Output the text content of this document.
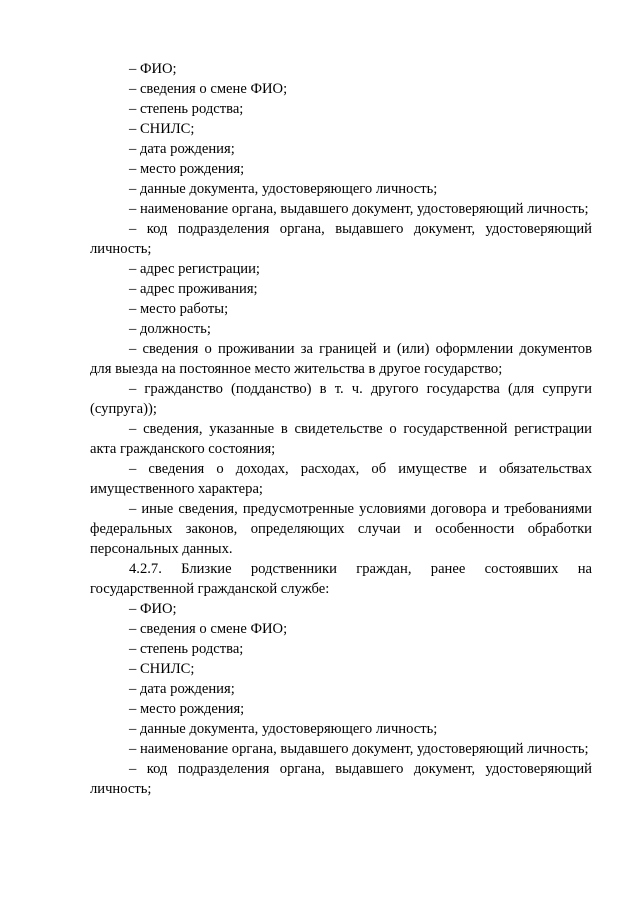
– ФИО;

– сведения о смене ФИО;

– степень родства;

– СНИЛС;

– дата рождения;

– место рождения;

– данные документа, удостоверяющего личность;

– наименование органа, выдавшего документ, удостоверяющий личность;

– код подразделения органа, выдавшего документ, удостоверяющий личность;

– адрес регистрации;

– адрес проживания;

– место работы;

– должность;

– сведения о проживании за границей и (или) оформлении документов для выезда на постоянное место жительства в другое государство;

– гражданство (подданство) в т. ч. другого государства (для супруги (супруга));

– сведения, указанные в свидетельстве о государственной регистрации акта гражданского состояния;

– сведения о доходах, расходах, об имуществе и обязательствах имущественного характера;

– иные сведения, предусмотренные условиями договора и требованиями федеральных законов, определяющих случаи и особенности обработки персональных данных.

4.2.7. Близкие родственники граждан, ранее состоявших на государственной гражданской службе:

– ФИО;

– сведения о смене ФИО;

– степень родства;

– СНИЛС;

– дата рождения;

– место рождения;

– данные документа, удостоверяющего личность;

– наименование органа, выдавшего документ, удостоверяющий личность;

– код подразделения органа, выдавшего документ, удостоверяющий личность;
